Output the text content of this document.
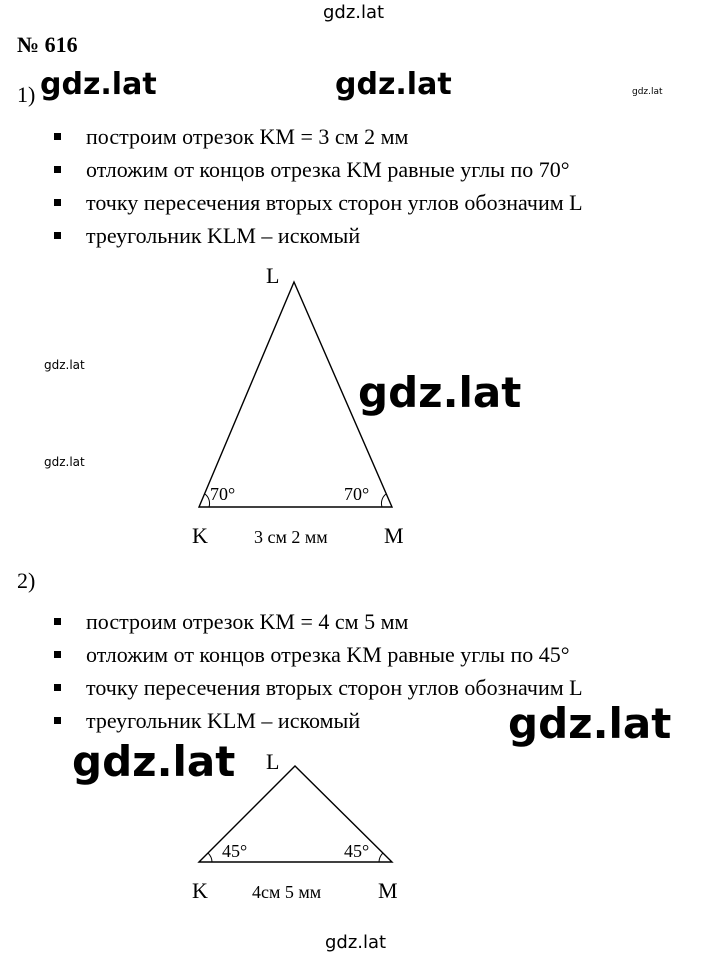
gdz.lat
gdz.lat	gdz.lat	gdz.lat
gdz.lat
gdz.lat
gdz.lat
gdz.lat
gdz.lat
gdz.lat
№ 616
1)
построим отрезок KM = 3 см 2 мм
отложим от концов отрезка KM равные углы по 70°
точку пересечения вторых сторон углов обозначим L
треугольник KLM – искомый
2)
построим отрезок KM = 4 см 5 мм
отложим от концов отрезка KM равные углы по 45°
точку пересечения вторых сторон углов обозначим L
треугольник KLM – искомый
L
K	M
70°	70°
3 см 2 мм
L
K	M
45°	45°
4см 5 мм
